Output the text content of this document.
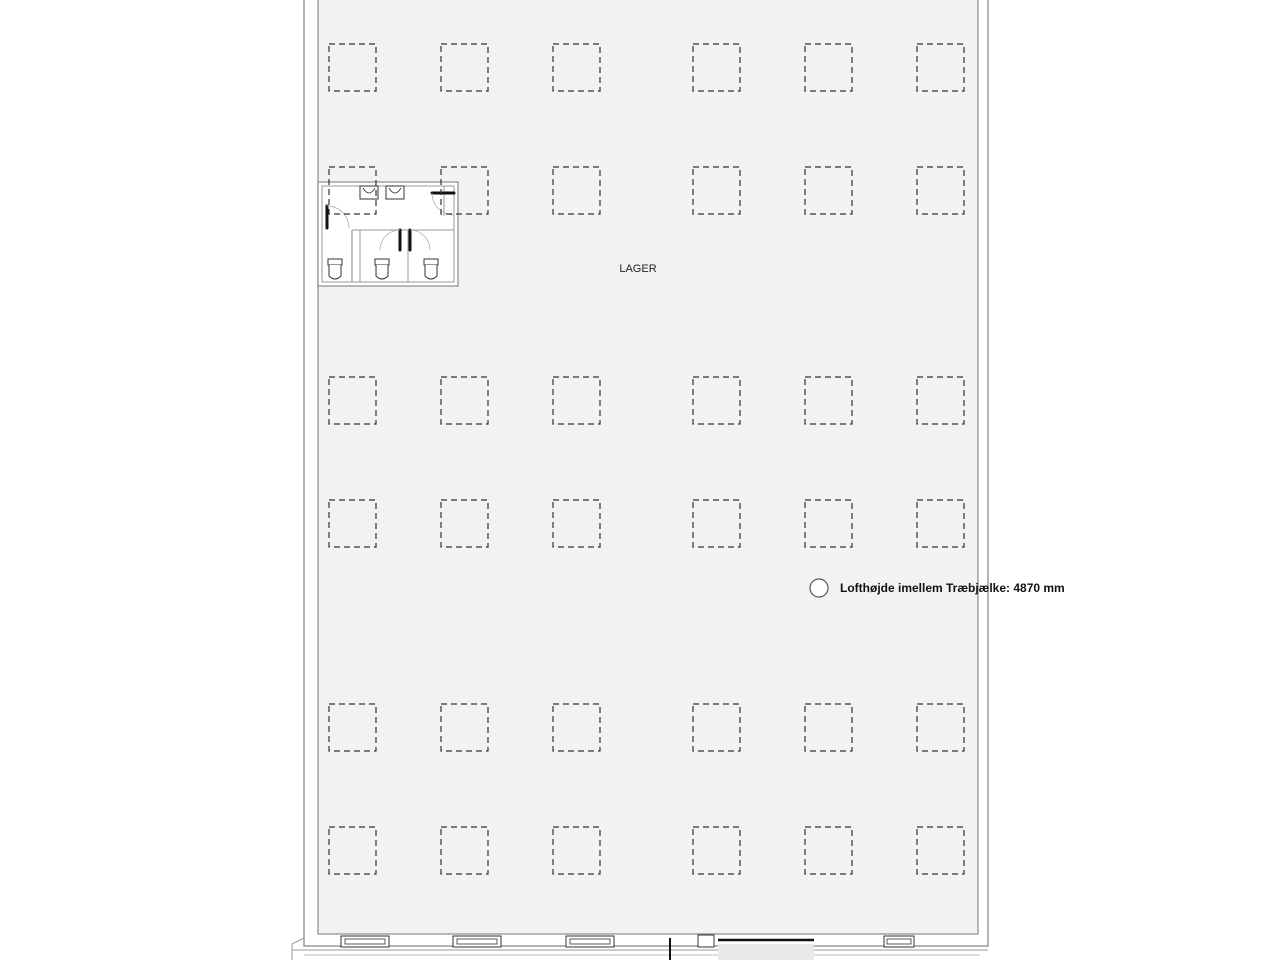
LAGER
Lofthøjde imellem Træbjælke: 4870 mm
